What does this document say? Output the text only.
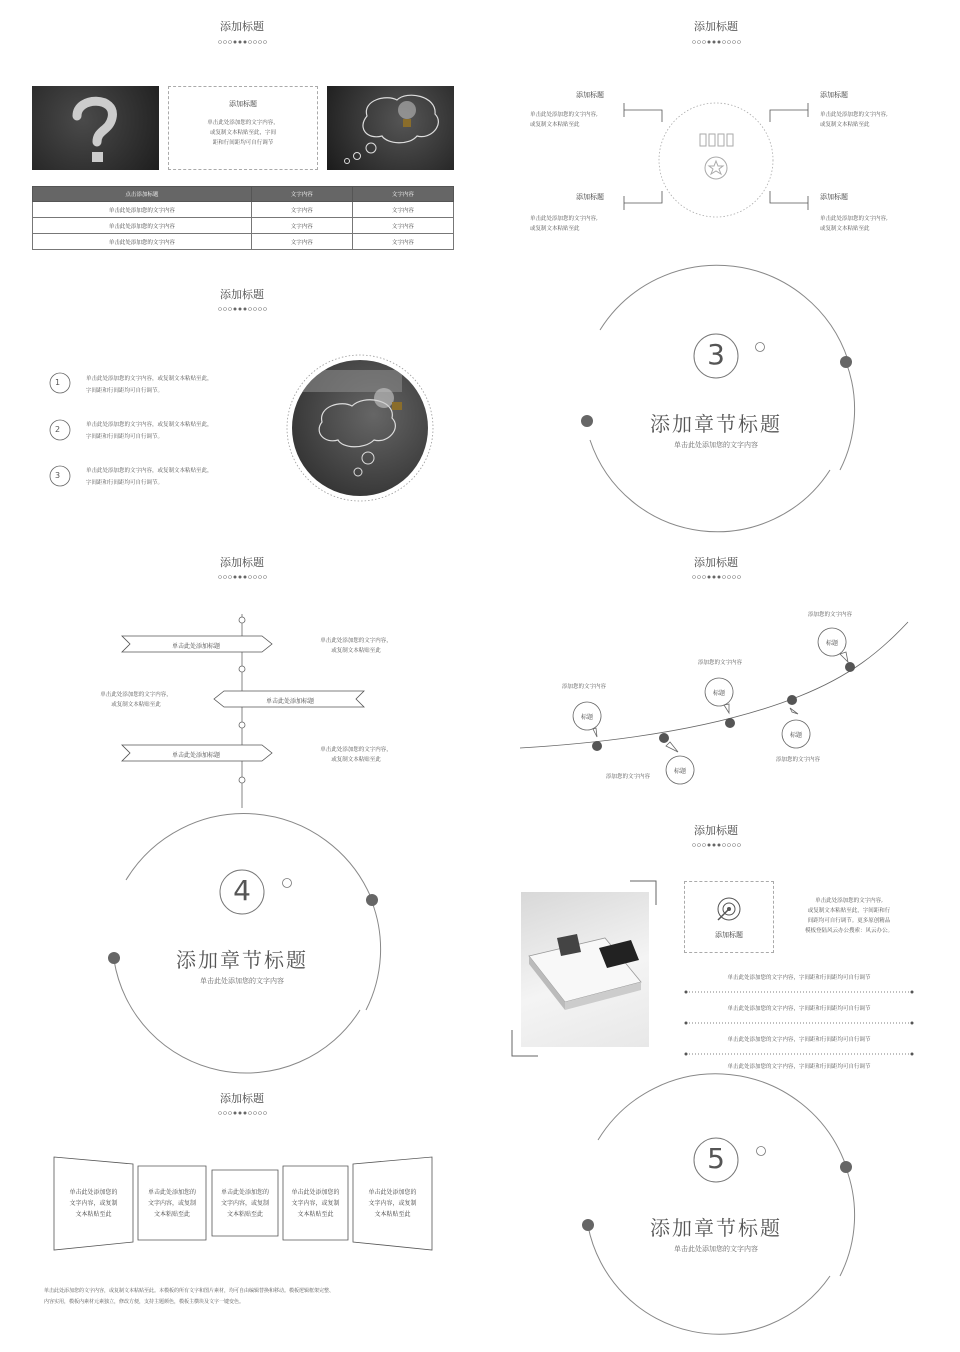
添加标题
添加标题
单击此处添加您的文字内容，
或复制文本粘贴至此，字间
距和行间距均可自行调节
点击添加标题	文字内容	文字内容
单击此处添加您的文字内容	文字内容	文字内容
单击此处添加您的文字内容	文字内容	文字内容
单击此处添加您的文字内容	文字内容	文字内容
添加标题
添加标题
单击此处添加您的文字内容,
或复制文本粘贴至此
添加标题
单击此处添加您的文字内容,
或复制文本粘贴至此
添加标题
单击此处添加您的文字内容,
或复制文本粘贴至此
添加标题
单击此处添加您的文字内容,
或复制文本粘贴至此
添加标题
1	单击此处添加您的文字内容，或复制文本粘贴至此，
字间距和行间距均可自行调节。
2	单击此处添加您的文字内容，或复制文本粘贴至此，
字间距和行间距均可自行调节。
3	单击此处添加您的文字内容，或复制文本粘贴至此，
字间距和行间距均可自行调节。
3
添加章节标题
单击此处添加您的文字内容
添加标题
单击此处添加标题
单击此处添加标题
单击此处添加标题
单击此处添加您的文字内容，
或复制文本粘贴至此
单击此处添加您的文字内容，
或复制文本粘贴至此
单击此处添加您的文字内容，
或复制文本粘贴至此
添加标题
标题
标题
标题
标题
标题
添加您的文字内容
添加您的文字内容
添加您的文字内容
添加您的文字内容
添加您的文字内容
4
添加章节标题
单击此处添加您的文字内容
添加标题
添加标题
单击此处添加您的文字内容,
或复制文本粘贴至此，字间距和行
间距均可自行调节。更多原创精品
模板登陆风云办公搜索：风云办公。
单击此处添加您的文字内容，字间距和行间距均可自行调节
单击此处添加您的文字内容，字间距和行间距均可自行调节
单击此处添加您的文字内容，字间距和行间距均可自行调节
单击此处添加您的文字内容，字间距和行间距均可自行调节
添加标题
单击此处添加您的
文字内容，或复制
文本粘贴至此
单击此处添加您的
文字内容，或复制
文本粘贴至此
单击此处添加您的
文字内容，或复制
文本粘贴至此
单击此处添加您的
文字内容，或复制
文本粘贴至此
单击此处添加您的
文字内容，或复制
文本粘贴至此
单击此处添加您的文字内容，或复制文本粘贴至此。本模板的所有文字和图片素材，均可自由编辑替换和移动。模板逻辑框架完整、
内容实用，模板内素材元素独立，修改方便，支持主题颜色，模板主横块及文字一键变色。
5
添加章节标题
单击此处添加您的文字内容
